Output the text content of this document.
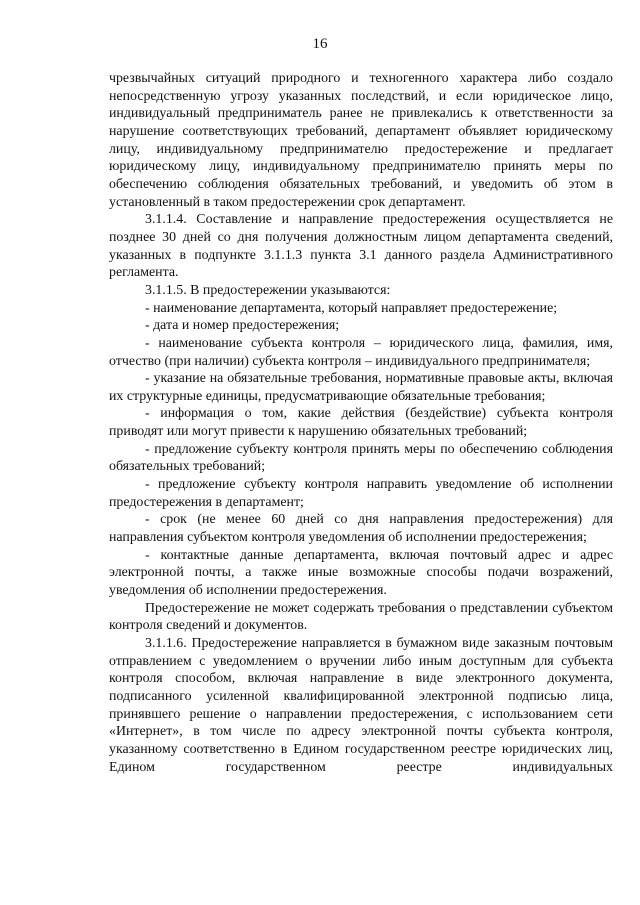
16

чрезвычайных ситуаций природного и техногенного характера либо создало непосредственную угрозу указанных последствий, и если юридическое лицо, индивидуальный предприниматель ранее не привлекались к ответственности за нарушение соответствующих требований, департамент объявляет юридическому лицу, индивидуальному предпринимателю предостережение и предлагает юридическому лицу, индивидуальному предпринимателю принять меры по обеспечению соблюдения обязательных требований, и уведомить об этом в установленный в таком предостережении срок департамент.

3.1.1.4. Составление и направление предостережения осуществляется не позднее 30 дней со дня получения должностным лицом департамента сведений, указанных в подпункте 3.1.1.3 пункта 3.1 данного раздела Административного регламента.

3.1.1.5. В предостережении указываются:

- наименование департамента, который направляет предостережение;

- дата и номер предостережения;

- наименование субъекта контроля – юридического лица, фамилия, имя, отчество (при наличии) субъекта контроля – индивидуального предпринимателя;

- указание на обязательные требования, нормативные правовые акты, включая их структурные единицы, предусматривающие обязательные требования;

- информация о том, какие действия (бездействие) субъекта контроля приводят или могут привести к нарушению обязательных требований;

- предложение субъекту контроля принять меры по обеспечению соблюдения обязательных требований;

- предложение субъекту контроля направить уведомление об исполнении предостережения в департамент;

- срок (не менее 60 дней со дня направления предостережения) для направления субъектом контроля уведомления об исполнении предостережения;

- контактные данные департамента, включая почтовый адрес и адрес электронной почты, а также иные возможные способы подачи возражений, уведомления об исполнении предостережения.

Предостережение не может содержать требования о представлении субъектом контроля сведений и документов.

3.1.1.6. Предостережение направляется в бумажном виде заказным почтовым отправлением с уведомлением о вручении либо иным доступным для субъекта контроля способом, включая направление в виде электронного документа, подписанного усиленной квалифицированной электронной подписью лица, принявшего решение о направлении предостережения, с использованием сети «Интернет», в том числе по адресу электронной почты субъекта контроля, указанному соответственно в Едином государственном реестре юридических лиц, Едином государственном реестре индивидуальных
